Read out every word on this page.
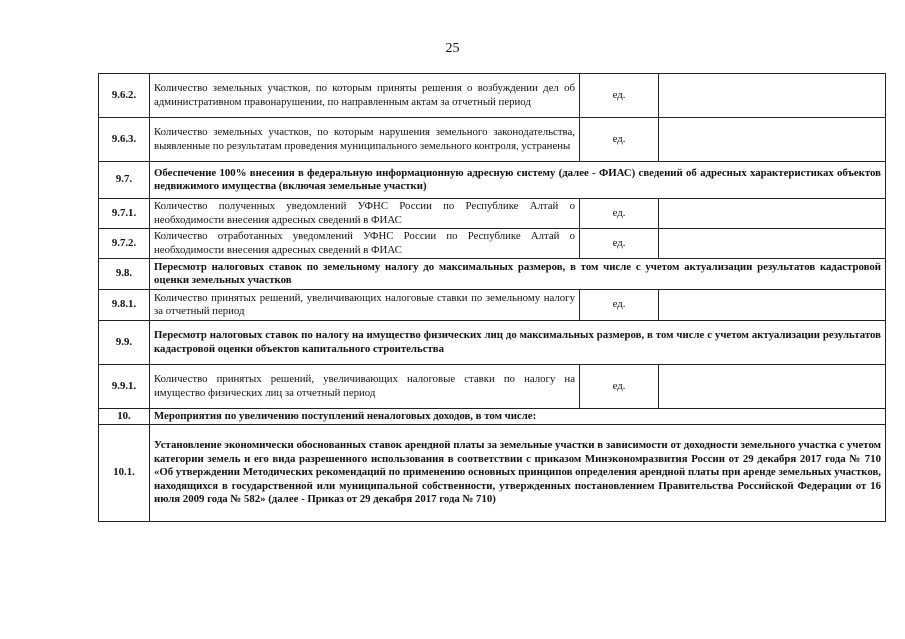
25
9.6.2.	Количество земельных участков, по которым приняты решения о возбуждении дел об административном правонарушении, по направленным актам за отчетный период	ед.	
9.6.3.	Количество земельных участков, по которым нарушения земельного законодательства, выявленные по результатам проведения муниципального земельного контроля, устранены	ед.	
9.7.	Обеспечение 100% внесения в федеральную информационную адресную систему (далее - ФИАС) сведений об адресных характеристиках объектов недвижимого имущества (включая земельные участки)		
9.7.1.	Количество полученных уведомлений УФНС России по Республике Алтай о необходимости внесения адресных сведений в ФИАС	ед.	
9.7.2.	Количество отработанных уведомлений УФНС России по Республике Алтай о необходимости внесения адресных сведений в ФИАС	ед.	
9.8.	Пересмотр налоговых ставок по земельному налогу до максимальных размеров, в том числе с учетом актуализации результатов кадастровой оценки земельных участков		
9.8.1.	Количество принятых решений, увеличивающих налоговые ставки по земельному налогу за отчетный период	ед.	
9.9.	Пересмотр налоговых ставок по налогу на имущество физических лиц до максимальных размеров, в том числе с учетом актуализации результатов кадастровой оценки объектов капитального строительства		
9.9.1.	Количество принятых решений, увеличивающих налоговые ставки по налогу на имущество физических лиц за отчетный период	ед.	
10.	Мероприятия по увеличению поступлений неналоговых доходов, в том числе:		
10.1.	Установление экономически обоснованных ставок арендной платы за земельные участки в зависимости от доходности земельного участка с учетом категории земель и его вида разрешенного использования в соответствии с приказом Минэкономразвития России от 29 декабря 2017 года № 710 «Об утверждении Методических рекомендаций по применению основных принципов определения арендной платы при аренде земельных участков, находящихся в государственной или муниципальной собственности, утвержденных постановлением Правительства Российской Федерации от 16 июля 2009 года № 582» (далее - Приказ от 29 декабря 2017 года № 710)		
